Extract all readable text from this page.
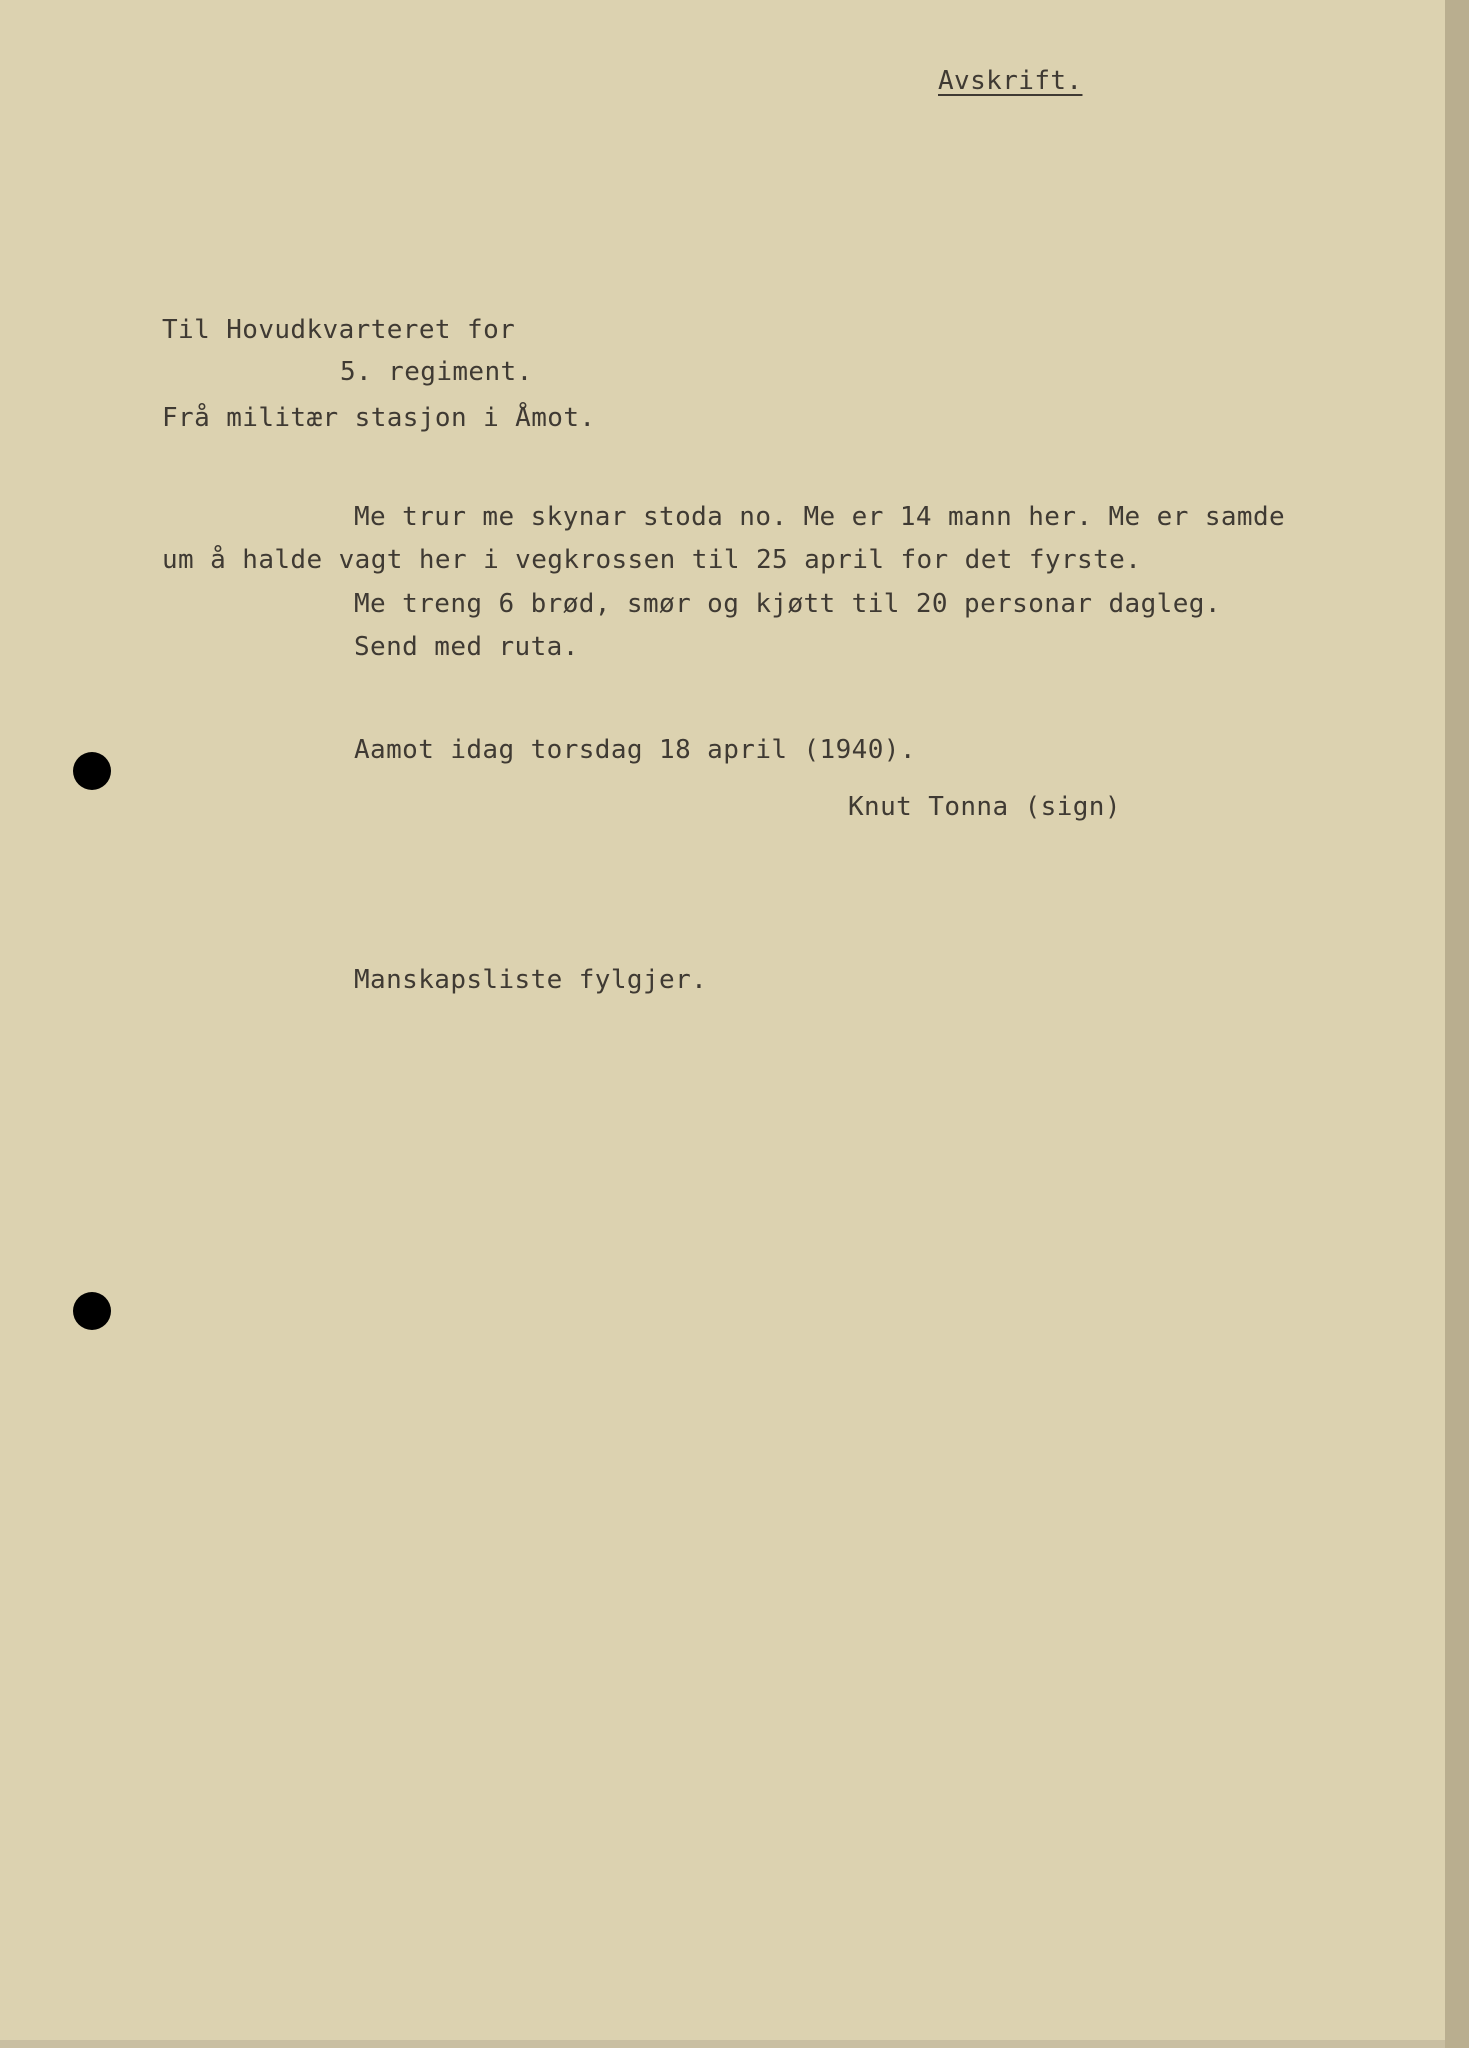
Avskrift.
Til Hovudkvarteret for
5. regiment.
Frå militær stasjon i Åmot.
Me trur me skynar stoda no. Me er 14 mann her. Me er samde
um å halde vagt her i vegkrossen til 25 april for det fyrste.
Me treng 6 brød, smør og kjøtt til 20 personar dagleg.
Send med ruta.
Aamot idag torsdag 18 april (1940).
Knut Tonna (sign)
Manskapsliste fylgjer.
